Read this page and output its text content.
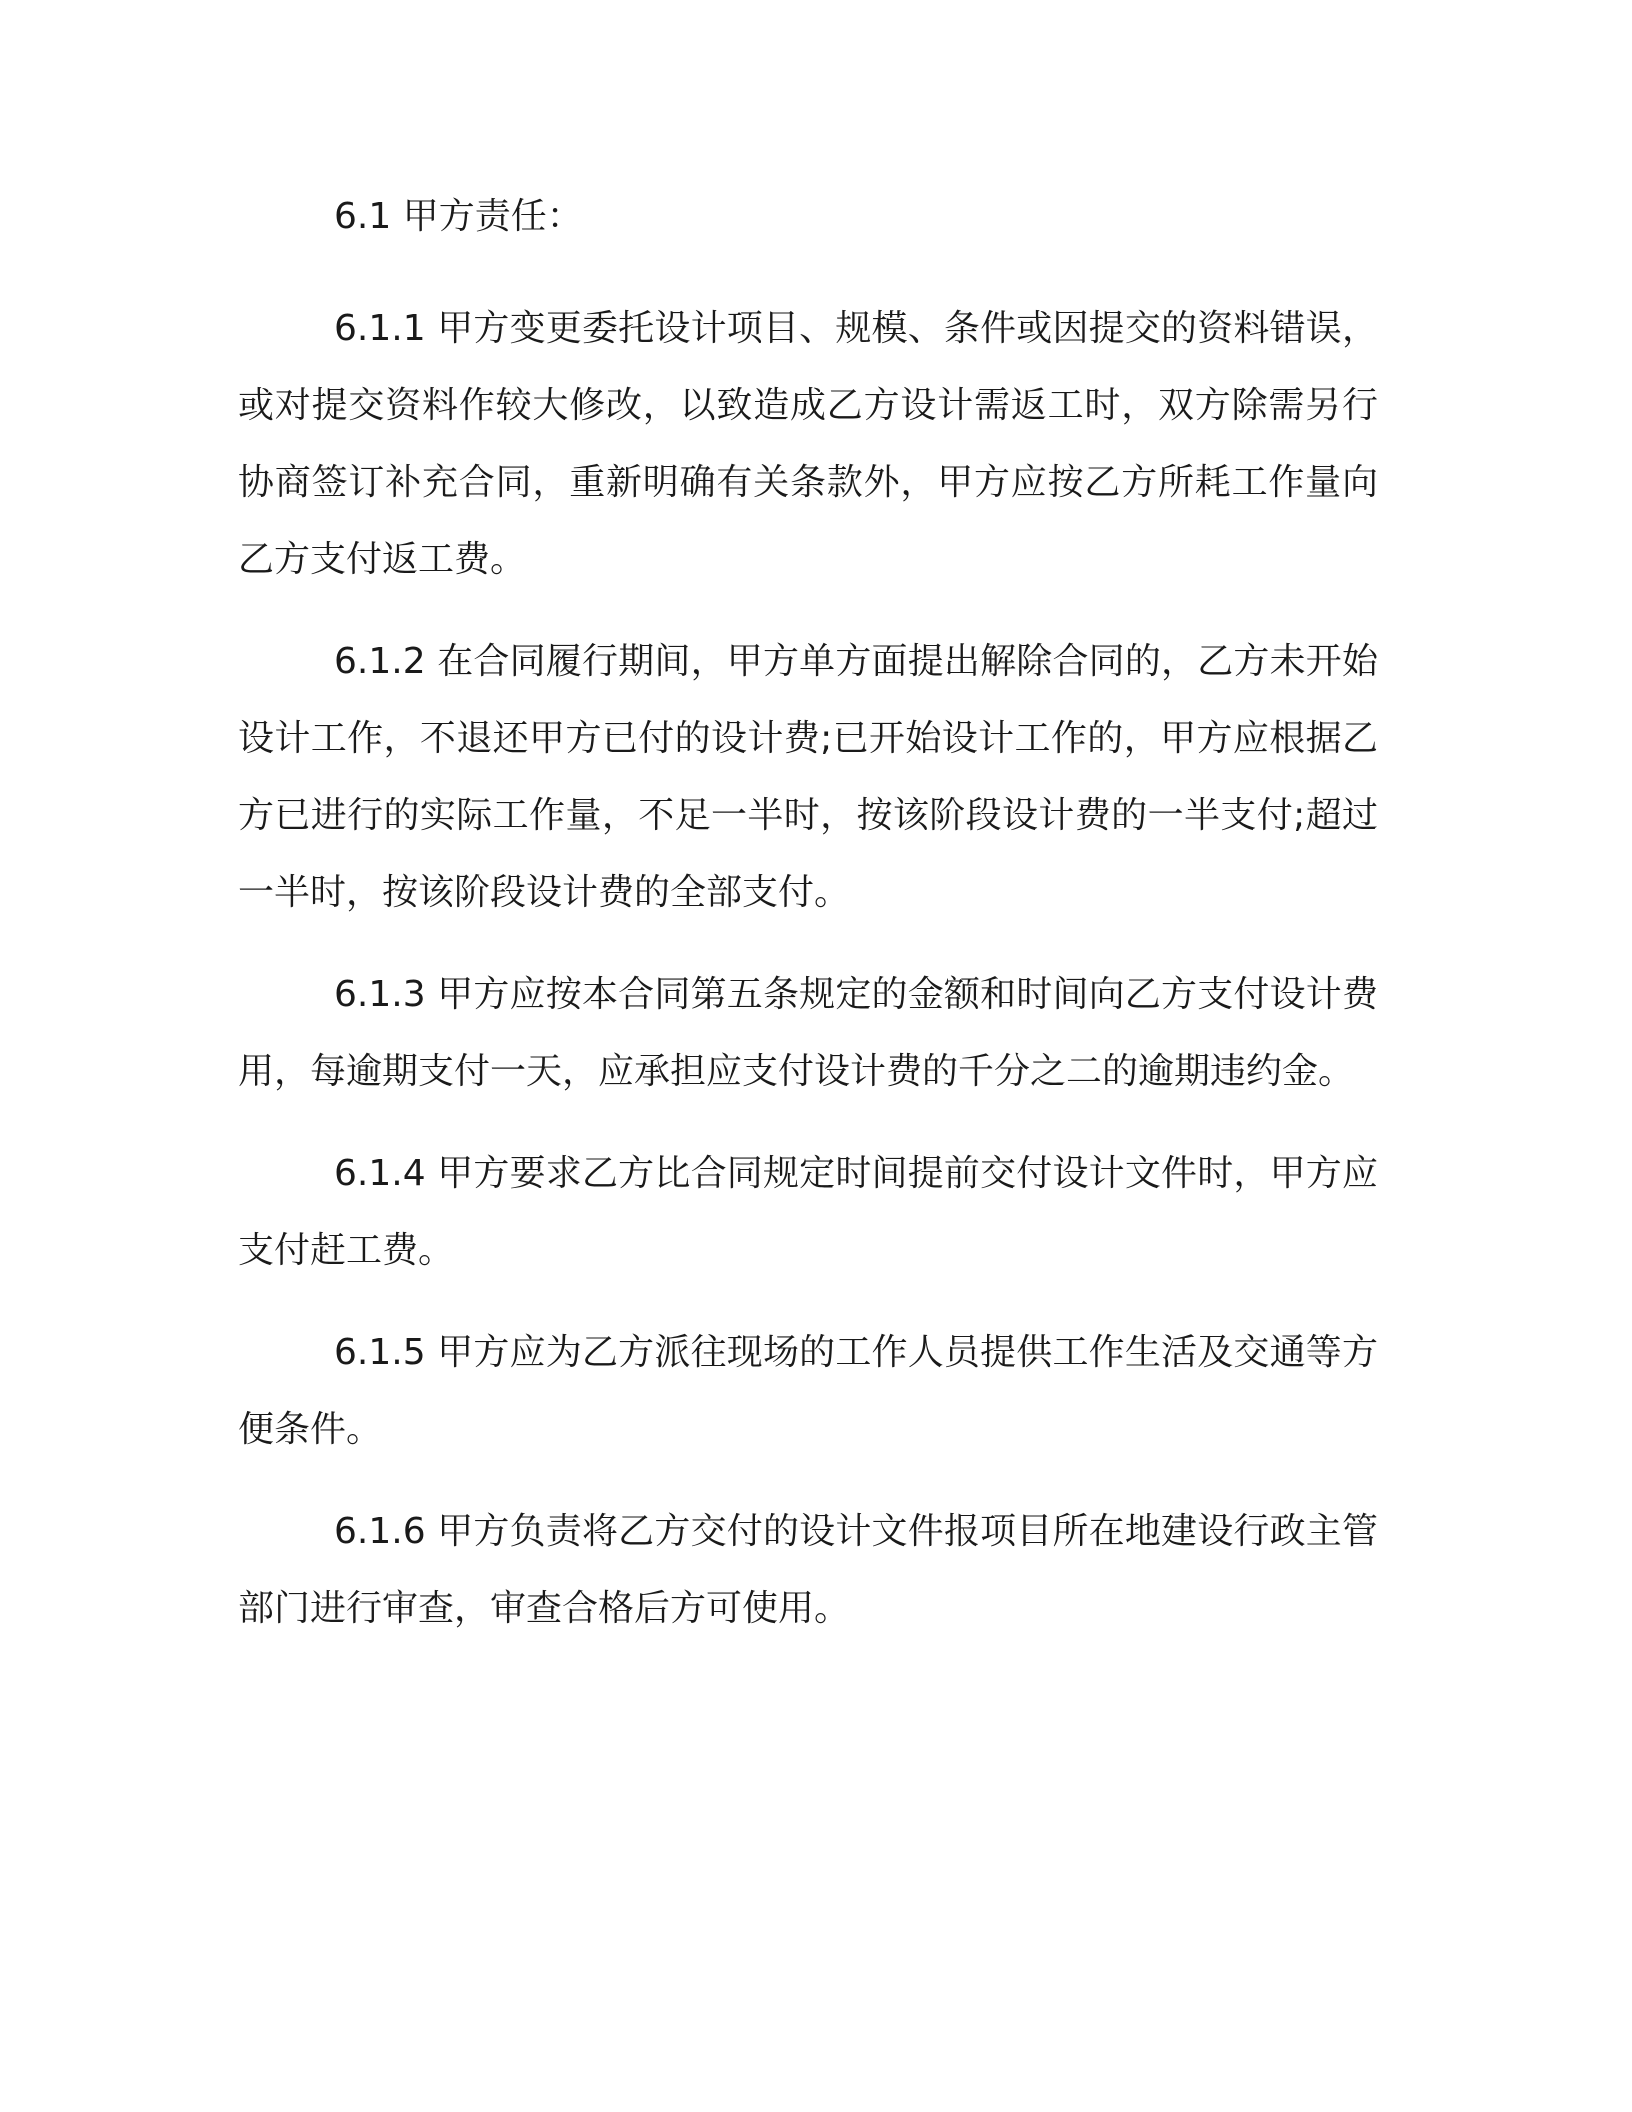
6.1 甲方责任：

6.1.1 甲方变更委托设计项目、规模、条件或因提交的资料错误，或对提交资料作较大修改，以致造成乙方设计需返工时，双方除需另行协商签订补充合同，重新明确有关条款外，甲方应按乙方所耗工作量向乙方支付返工费。

6.1.2 在合同履行期间，甲方单方面提出解除合同的，乙方未开始设计工作，不退还甲方已付的设计费;已开始设计工作的，甲方应根据乙方已进行的实际工作量，不足一半时，按该阶段设计费的一半支付;超过一半时，按该阶段设计费的全部支付。

6.1.3 甲方应按本合同第五条规定的金额和时间向乙方支付设计费用，每逾期支付一天，应承担应支付设计费的千分之二的逾期违约金。

6.1.4 甲方要求乙方比合同规定时间提前交付设计文件时，甲方应支付赶工费。

6.1.5 甲方应为乙方派往现场的工作人员提供工作生活及交通等方便条件。

6.1.6 甲方负责将乙方交付的设计文件报项目所在地建设行政主管部门进行审查，审查合格后方可使用。
